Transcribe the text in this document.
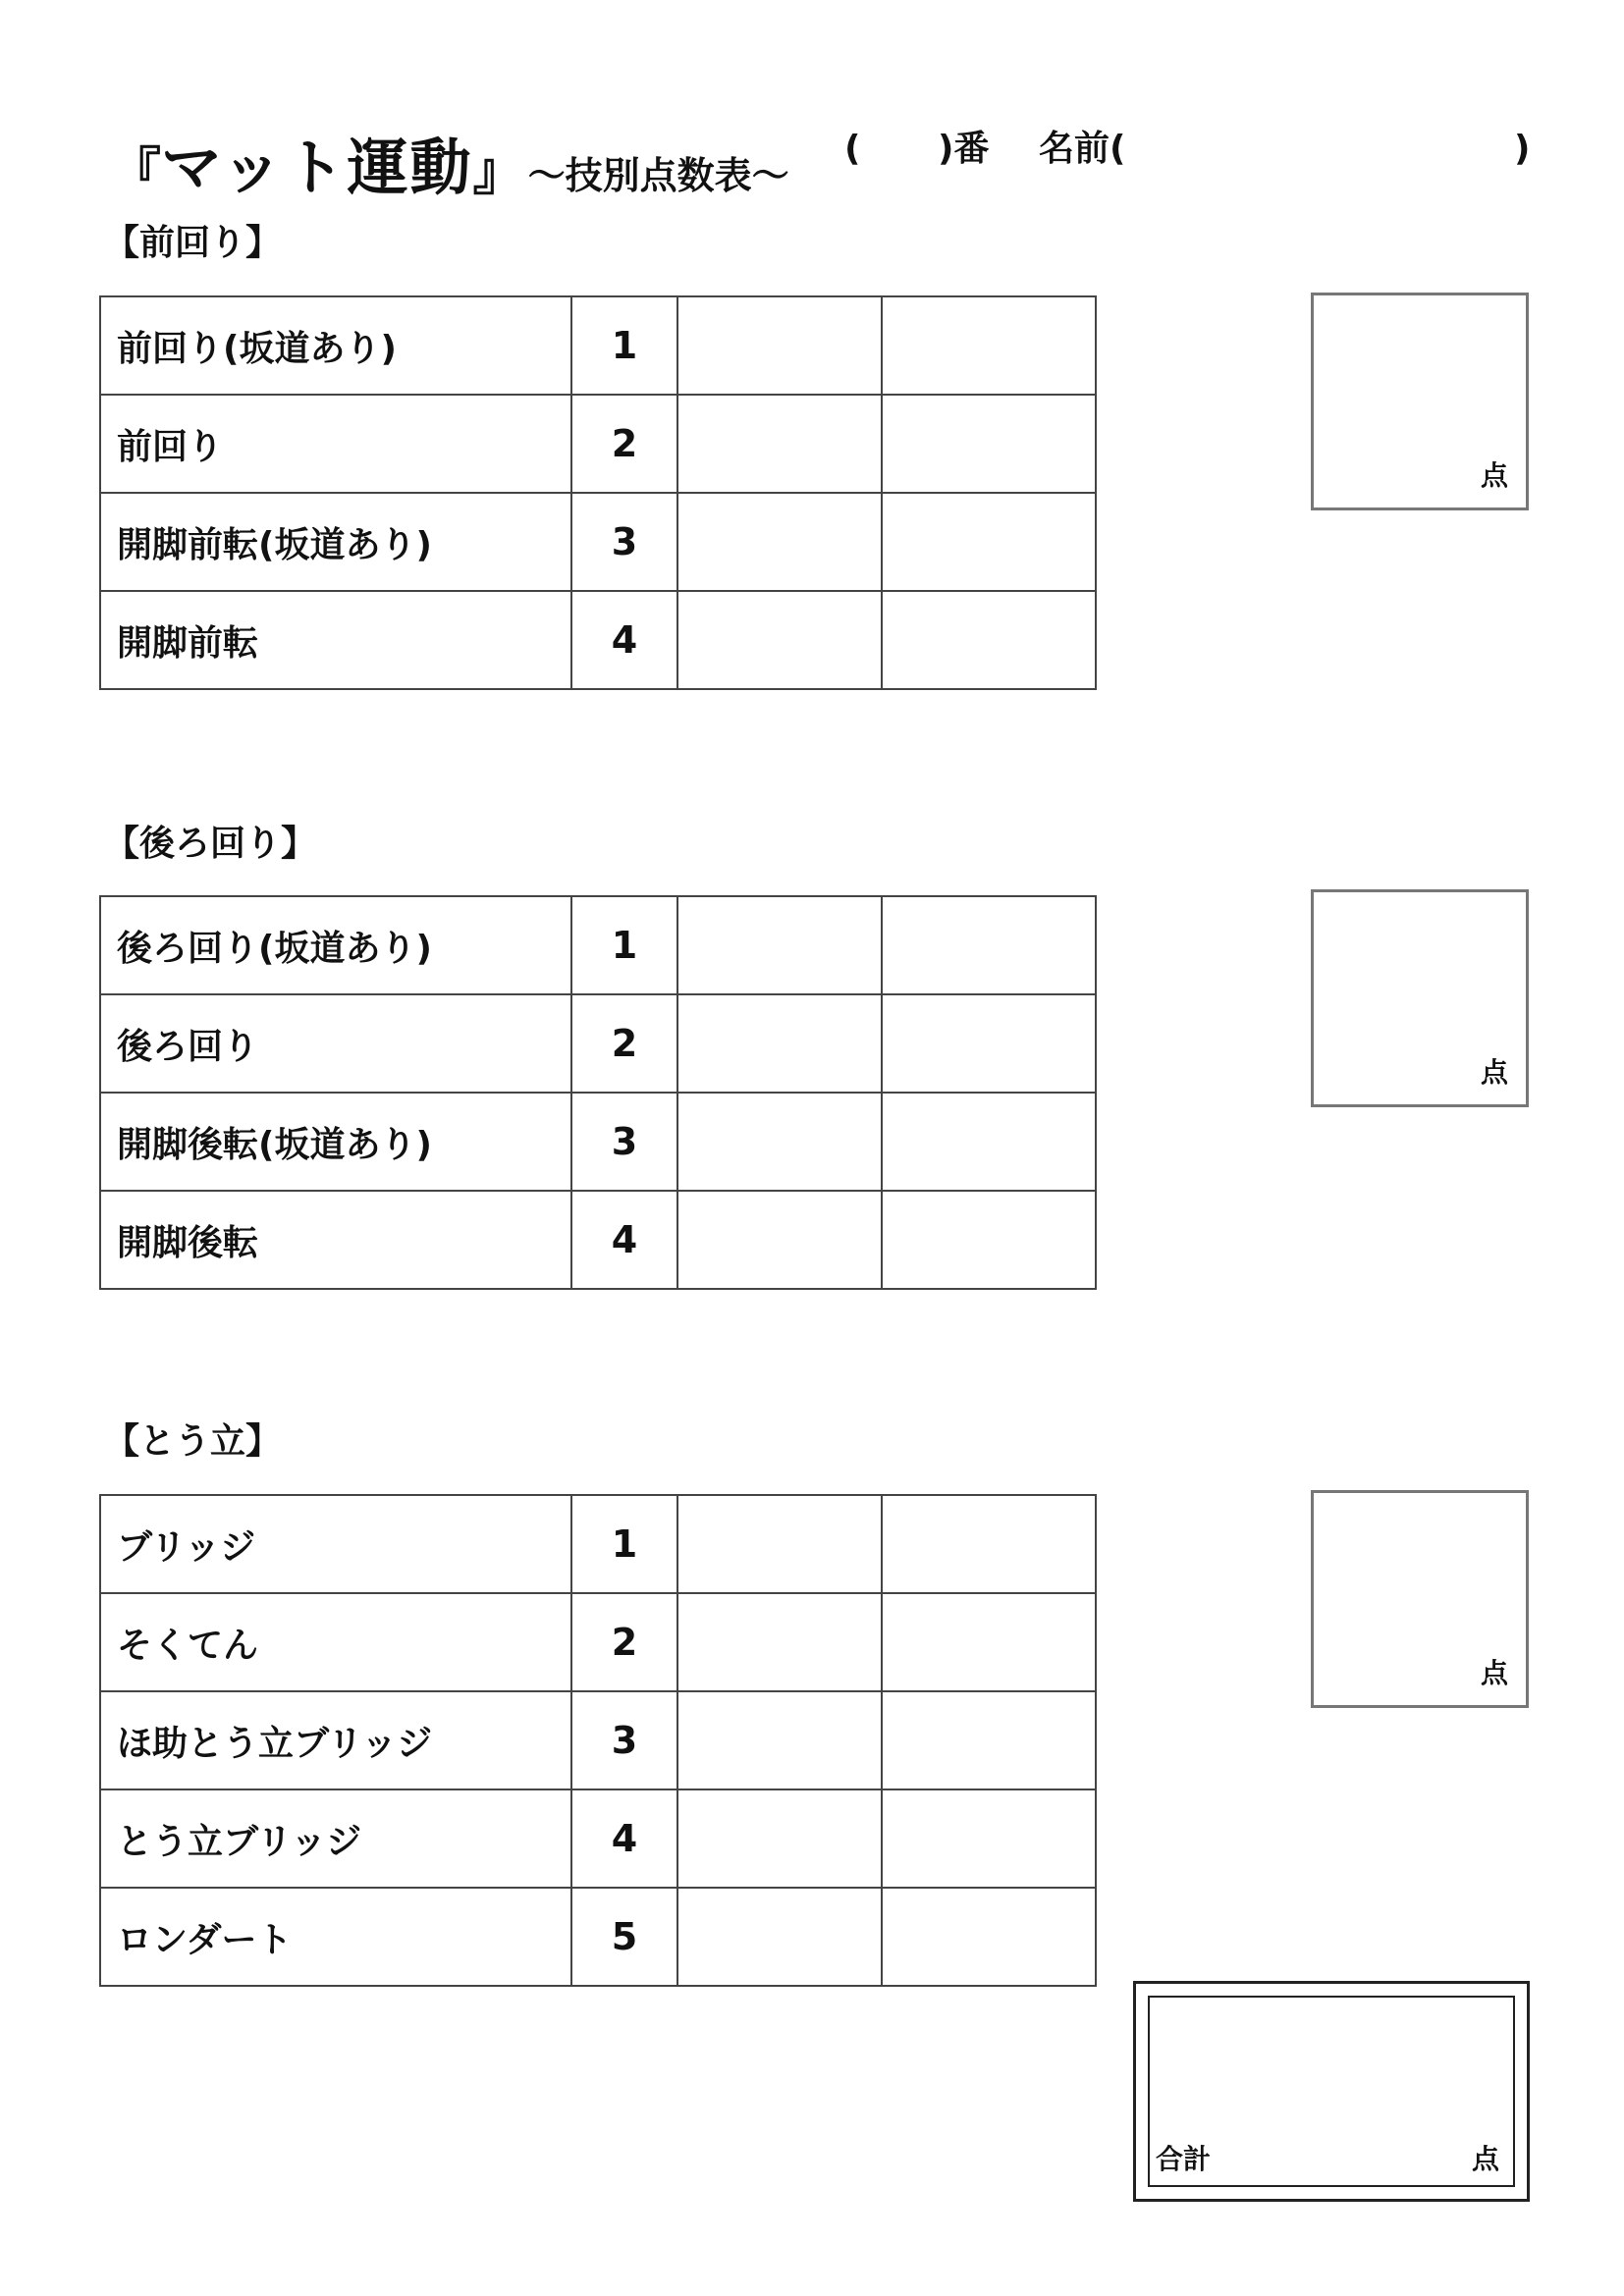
『 マット運動 』 ～技別点数表～
( )番 名前(	)
【前回り】
前回り(坂道あり)	1		
前回り	2		
開脚前転(坂道あり)	3		
開脚前転	4		
点
【後ろ回り】
後ろ回り(坂道あり)	1		
後ろ回り	2		
開脚後転(坂道あり)	3		
開脚後転	4		
点
【とう立】
ブリッジ	1		
そくてん	2		
ほ助とう立ブリッジ	3		
とう立ブリッジ	4		
ロンダート	5		
点
合計	点
